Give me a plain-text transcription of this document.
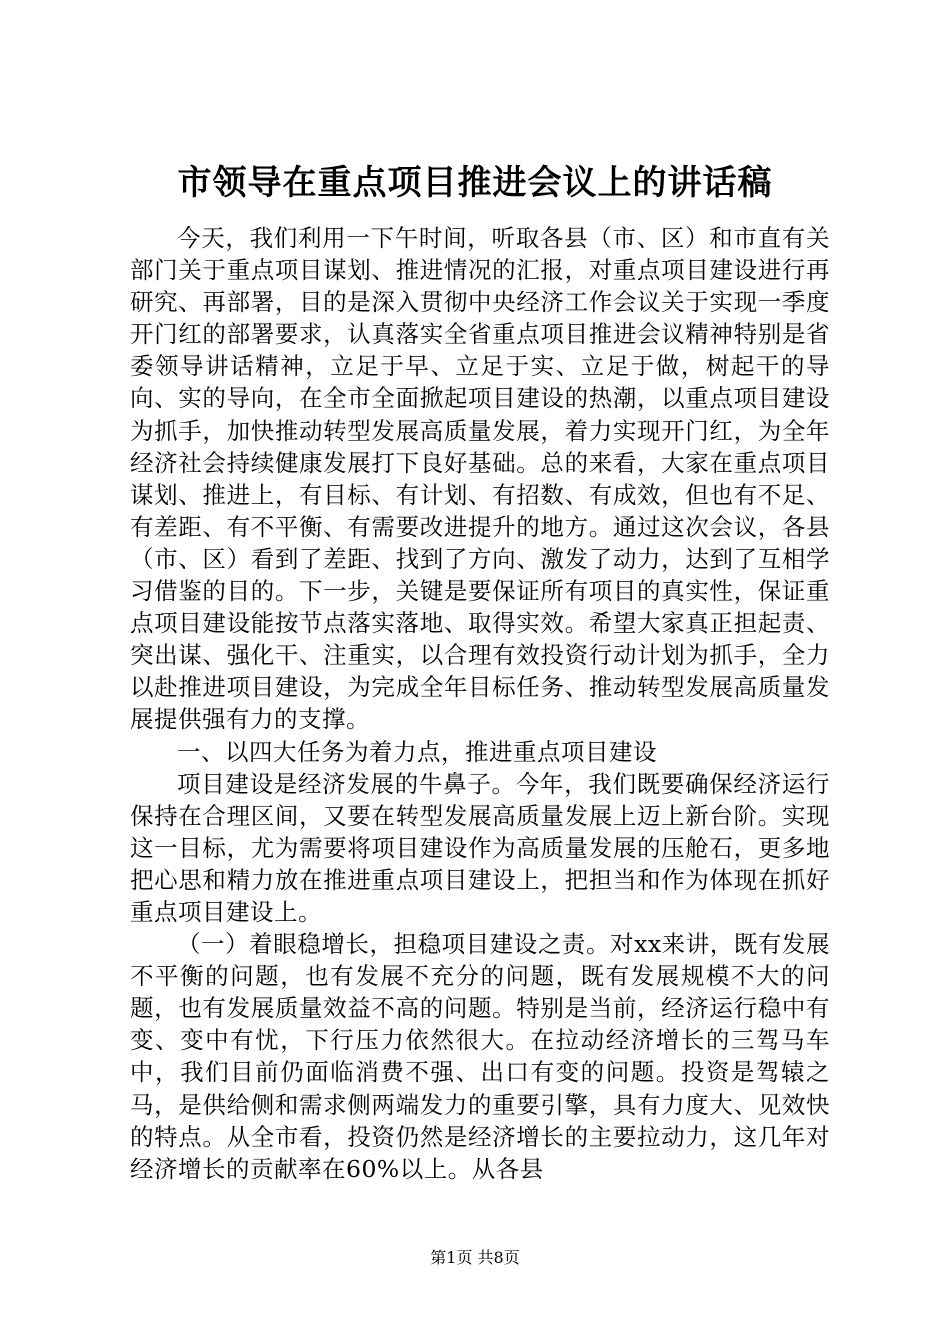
市领导在重点项目推进会议上的讲话稿

今天，我们利用一下午时间，听取各县（市、区）和市直有关部门关于重点项目谋划、推进情况的汇报，对重点项目建设进行再研究、再部署，目的是深入贯彻中央经济工作会议关于实现一季度开门红的部署要求，认真落实全省重点项目推进会议精神特别是省委领导讲话精神，立足于早、立足于实、立足于做，树起干的导向、实的导向，在全市全面掀起项目建设的热潮，以重点项目建设为抓手，加快推动转型发展高质量发展，着力实现开门红，为全年经济社会持续健康发展打下良好基础。总的来看，大家在重点项目谋划、推进上，有目标、有计划、有招数、有成效，但也有不足、有差距、有不平衡、有需要改进提升的地方。通过这次会议，各县（市、区）看到了差距、找到了方向、激发了动力，达到了互相学习借鉴的目的。下一步，关键是要保证所有项目的真实性，保证重点项目建设能按节点落实落地、取得实效。希望大家真正担起责、突出谋、强化干、注重实，以合理有效投资行动计划为抓手，全力以赴推进项目建设，为完成全年目标任务、推动转型发展高质量发展提供强有力的支撑。

一、以四大任务为着力点，推进重点项目建设

项目建设是经济发展的牛鼻子。今年，我们既要确保经济运行保持在合理区间，又要在转型发展高质量发展上迈上新台阶。实现这一目标，尤为需要将项目建设作为高质量发展的压舱石，更多地把心思和精力放在推进重点项目建设上，把担当和作为体现在抓好重点项目建设上。

（一）着眼稳增长，担稳项目建设之责。对xx来讲，既有发展不平衡的问题，也有发展不充分的问题，既有发展规模不大的问题，也有发展质量效益不高的问题。特别是当前，经济运行稳中有变、变中有忧，下行压力依然很大。在拉动经济增长的三驾马车中，我们目前仍面临消费不强、出口有变的问题。投资是驾辕之马，是供给侧和需求侧两端发力的重要引擎，具有力度大、见效快的特点。从全市看，投资仍然是经济增长的主要拉动力，这几年对经济增长的贡献率在60%以上。从各县

第1页 共8页
